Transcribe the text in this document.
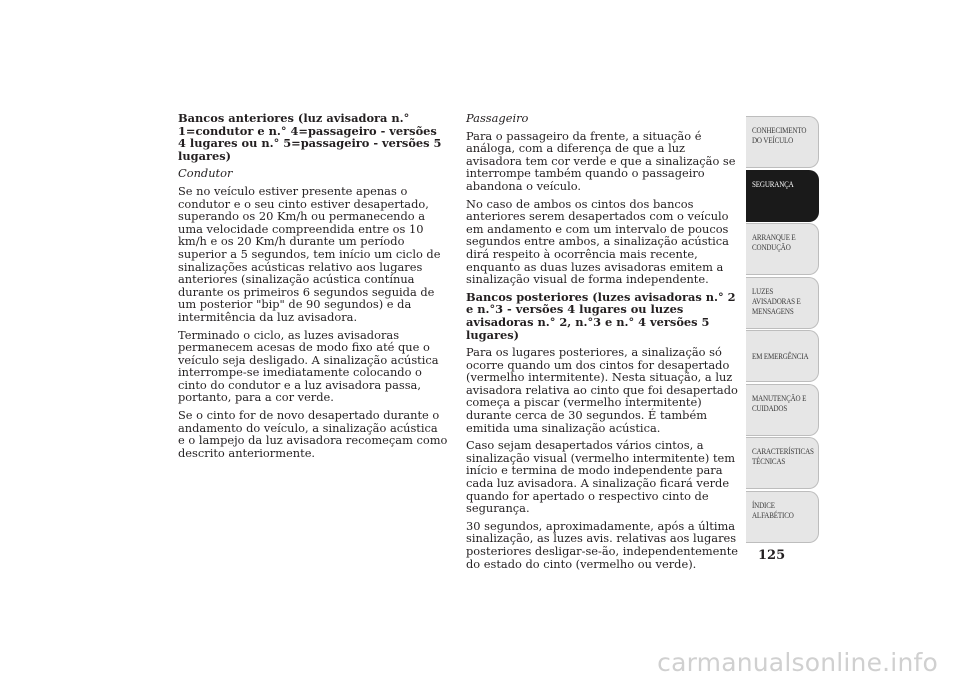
Bancos anteriores (luz avisadora n.° 1=condutor e n.° 4=passageiro - versões 4 lugares ou n.° 5=passageiro - versões 5 lugares)

Condutor

Se no veículo estiver presente apenas o condutor e o seu cinto estiver desapertado, superando os 20 Km/h ou permanecendo a uma velocidade compreendida entre os 10 km/h e os 20 Km/h durante um período superior a 5 segundos, tem início um ciclo de sinalizações acústicas relativo aos lugares anteriores (sinalização acústica contínua durante os primeiros 6 segundos seguida de um posterior "bip" de 90 segundos) e da intermitência da luz avisadora.

Terminado o ciclo, as luzes avisadoras permanecem acesas de modo fixo até que o veículo seja desligado. A sinalização acústica interrompe-se imediatamente colocando o cinto do condutor e a luz avisadora passa, portanto, para a cor verde.

Se o cinto for de novo desapertado durante o andamento do veículo, a sinalização acústica e o lampejo da luz avisadora recomeçam como descrito anteriormente.

Passageiro

Para o passageiro da frente, a situação é análoga, com a diferença de que a luz avisadora tem cor verde e que a sinalização se interrompe também quando o passageiro abandona o veículo.

No caso de ambos os cintos dos bancos anteriores serem desapertados com o veículo em andamento e com um intervalo de poucos segundos entre ambos, a sinalização acústica dirá respeito à ocorrência mais recente, enquanto as duas luzes avisadoras emitem a sinalização visual de forma independente.

Bancos posteriores (luzes avisadoras n.° 2 e n.°3 - versões 4 lugares ou luzes avisadoras n.° 2, n.°3 e n.° 4 versões 5 lugares)

Para os lugares posteriores, a sinalização só ocorre quando um dos cintos for desapertado (vermelho intermitente). Nesta situação, a luz avisadora relativa ao cinto que foi desapertado começa a piscar (vermelho intermitente) durante cerca de 30 segundos. É também emitida uma sinalização acústica.

Caso sejam desapertados vários cintos, a sinalização visual (vermelho intermitente) tem início e termina de modo independente para cada luz avisadora. A sinalização ficará verde quando for apertado o respectivo cinto de segurança.

30 segundos, aproximadamente, após a última sinalização, as luzes avis. relativas aos lugares posteriores desligar-se-ão, independentemente do estado do cinto (vermelho ou verde).

CONHECIMENTO
DO VEÍCULO
SEGURANÇA
ARRANQUE E
CONDUÇÃO
LUZES
AVISADORAS E
MENSAGENS
EM EMERGÊNCIA
MANUTENÇÃO E
CUIDADOS
CARACTERÍSTICAS
TÉCNICAS
ÍNDICE
ALFABÉTICO
125
carmanualsonline.info
